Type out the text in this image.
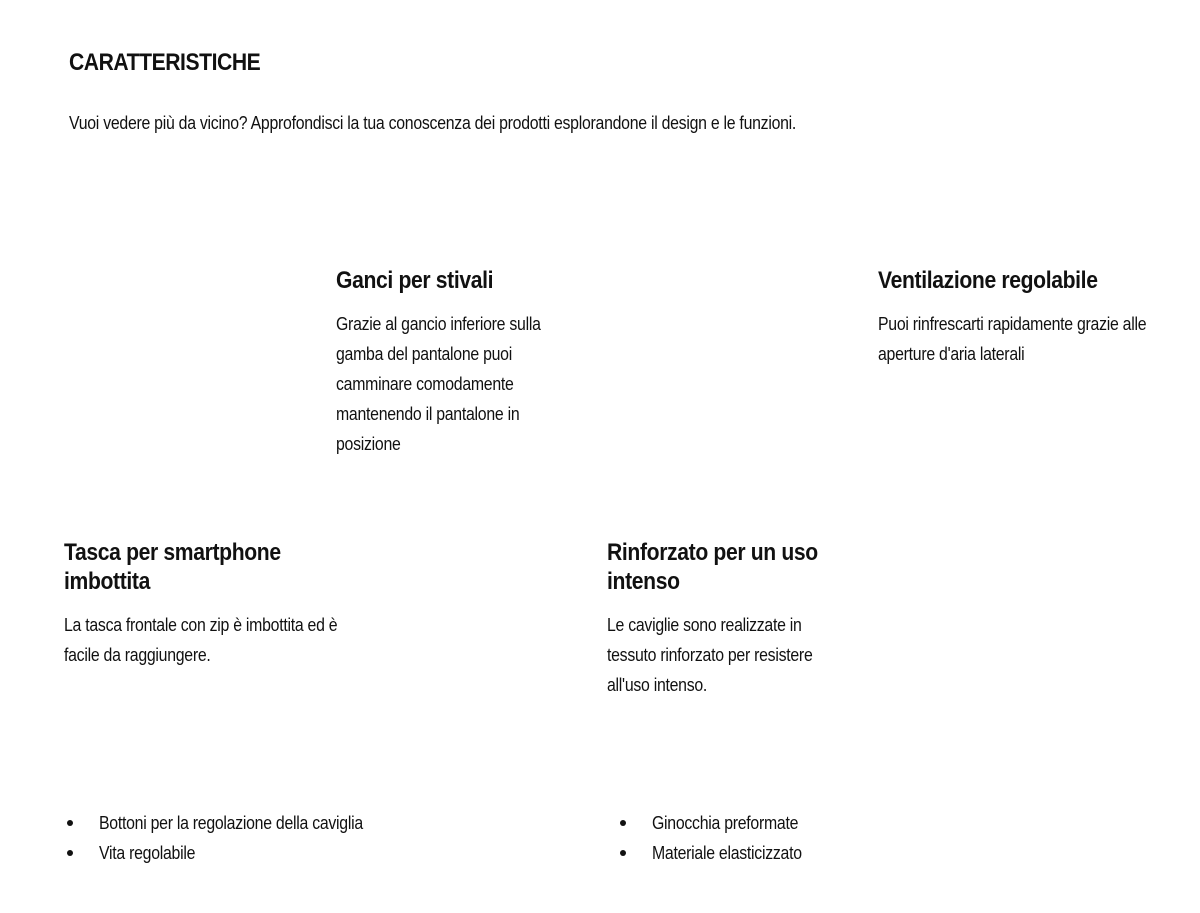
CARATTERISTICHE

Vuoi vedere più da vicino? Approfondisci la tua conoscenza dei prodotti esplorandone il design e le funzioni.

Ganci per stivali

Grazie al gancio inferiore sulla gamba del pantalone puoi camminare comodamente mantenendo il pantalone in posizione

Ventilazione regolabile

Puoi rinfrescarti rapidamente grazie alle aperture d'aria laterali

Tasca per smartphone imbottita

La tasca frontale con zip è imbottita ed è facile da raggiungere.

Rinforzato per un uso intenso

Le caviglie sono realizzate in tessuto rinforzato per resistere all'uso intenso.

Bottoni per la regolazione della caviglia
Vita regolabile
Ginocchia preformate
Materiale elasticizzato
